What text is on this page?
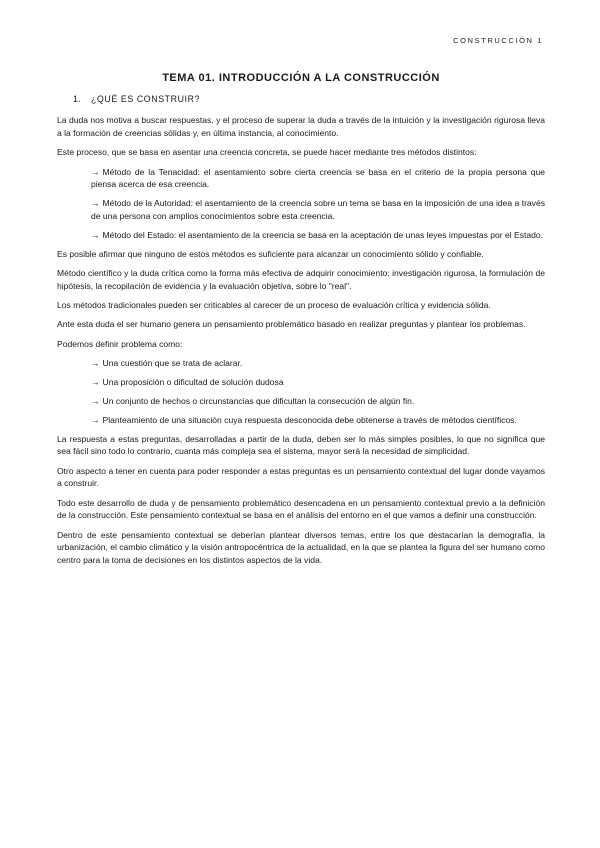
CONSTRUCCIÓN 1
TEMA 01. INTRODUCCIÓN A LA CONSTRUCCIÓN
1. ¿QUÉ ES CONSTRUIR?

La duda nos motiva a buscar respuestas, y el proceso de superar la duda a través de la intuición y la investigación rigurosa lleva a la formación de creencias sólidas y, en última instancia, al conocimiento.

Este proceso, que se basa en asentar una creencia concreta, se puede hacer mediante tres métodos distintos:

→ Método de la Tenacidad: el asentamiento sobre cierta creencia se basa en el criterio de la propia persona que piensa acerca de esa creencia.
→ Método de la Autoridad: el asentamiento de la creencia sobre un tema se basa en la imposición de una idea a través de una persona con amplios conocimientos sobre esta creencia.
→ Método del Estado: el asentamiento de la creencia se basa en la aceptación de unas leyes impuestas por el Estado.

Es posible afirmar que ninguno de estos métodos es suficiente para alcanzar un conocimiento sólido y confiable.

Método científico y la duda crítica como la forma más efectiva de adquirir conocimiento: investigación rigurosa, la formulación de hipótesis, la recopilación de evidencia y la evaluación objetiva, sobre lo "real".

Los métodos tradicionales pueden ser criticables al carecer de un proceso de evaluación crítica y evidencia sólida.

Ante esta duda el ser humano genera un pensamiento problemático basado en realizar preguntas y plantear los problemas.

Podemos definir problema como:

→ Una cuestión que se trata de aclarar.
→ Una proposición o dificultad de solución dudosa
→ Un conjunto de hechos o circunstancias que dificultan la consecución de algún fin.
→ Planteamiento de una situación cuya respuesta desconocida debe obtenerse a través de métodos científicos.

La respuesta a estas preguntas, desarrolladas a partir de la duda, deben ser lo más simples posibles, lo que no significa que sea fácil sino todo lo contrario, cuanta más compleja sea el sistema, mayor será la necesidad de simplicidad.

Otro aspecto a tener en cuenta para poder responder a estas preguntas es un pensamiento contextual del lugar donde vayamos a construir.

Todo este desarrollo de duda y de pensamiento problemático desencadena en un pensamiento contextual previo a la definición de la construcción. Este pensamiento contextual se basa en el análisis del entorno en el que vamos a definir una construcción.

Dentro de este pensamiento contextual se deberían plantear diversos temas, entre los que destacarían la demografía, la urbanización, el cambio climático y la visión antropocéntrica de la actualidad, en la que se plantea la figura del ser humano como centro para la toma de decisiones en los distintos aspectos de la vida.
